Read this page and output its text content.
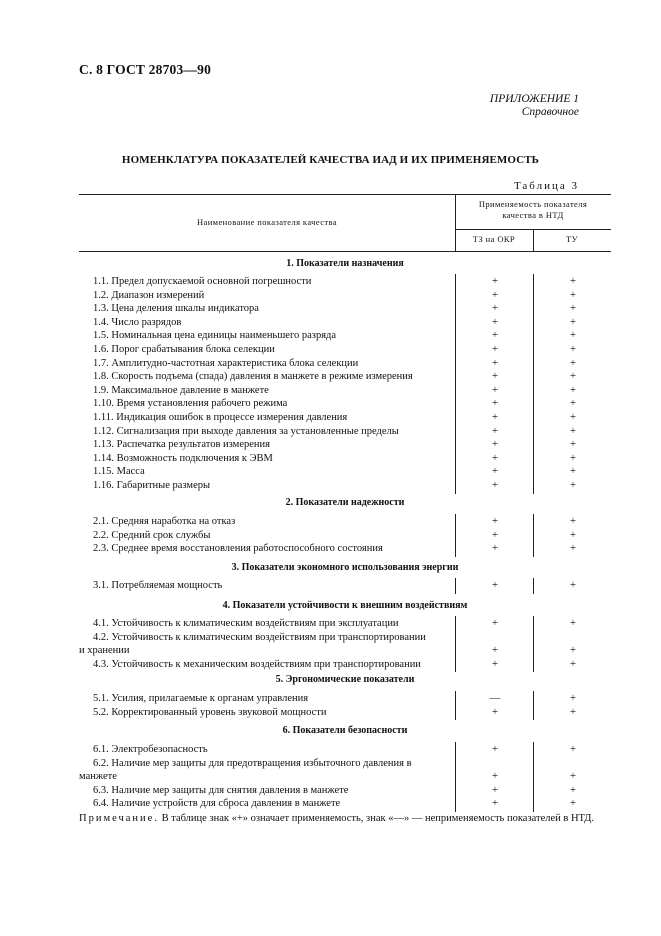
С. 8 ГОСТ 28703—90
ПРИЛОЖЕНИЕ 1
Справочное
НОМЕНКЛАТУРА ПОКАЗАТЕЛЕЙ КАЧЕСТВА ИАД И ИХ ПРИМЕНЯЕМОСТЬ
Таблица 3
Наименование показателя качества
Применяемость показателя
качества в НТД
ТЗ на ОКР	ТУ
1. Показатели назначения
1.1. Предел допускаемой основной погрешности	+	+
1.2. Диапазон измерений	+	+
1.3. Цена деления шкалы индикатора	+	+
1.4. Число разрядов	+	+
1.5. Номинальная цена единицы наименьшего разряда	+	+
1.6. Порог срабатывания блока селекции	+	+
1.7. Амплитудно-частотная характеристика блока селекции	+	+
1.8. Скорость подъема (спада) давления в манжете в режиме измерения	+	+
1.9. Максимальное давление в манжете	+	+
1.10. Время установления рабочего режима	+	+
1.11. Индикация ошибок в процессе измерения давления	+	+
1.12. Сигнализация при выходе давления за установленные пределы	+	+
1.13. Распечатка результатов измерения	+	+
1.14. Возможность подключения к ЭВМ	+	+
1.15. Масса	+	+
1.16. Габаритные размеры	+	+
2. Показатели надежности
2.1. Средняя наработка на отказ	+	+
2.2. Средний срок службы	+	+
2.3. Среднее время восстановления работоспособного состояния	+	+
3. Показатели экономного использования энергии
3.1. Потребляемая мощность	+	+
4. Показатели устойчивости к внешним воздействиям
4.1. Устойчивость к климатическим воздействиям при эксплуатации	+	+
4.2. Устойчивость к климатическим воздействиям при транспортировании
и хранении	+	+
4.3. Устойчивость к механическим воздействиям при транспортировании	+	+
5. Эргономические показатели
5.1. Усилия, прилагаемые к органам управления	—	+
5.2. Корректированный уровень звуковой мощности	+	+
6. Показатели безопасности
6.1. Электробезопасность	+	+
6.2. Наличие мер защиты для предотвращения избыточного давления в
манжете	+	+
6.3. Наличие мер защиты для снятия давления в манжете	+	+
6.4. Наличие устройств для сброса давления в манжете	+	+
Примечание. В таблице знак «+» означает применяемость, знак «—» — неприменяемость показателей в НТД.
